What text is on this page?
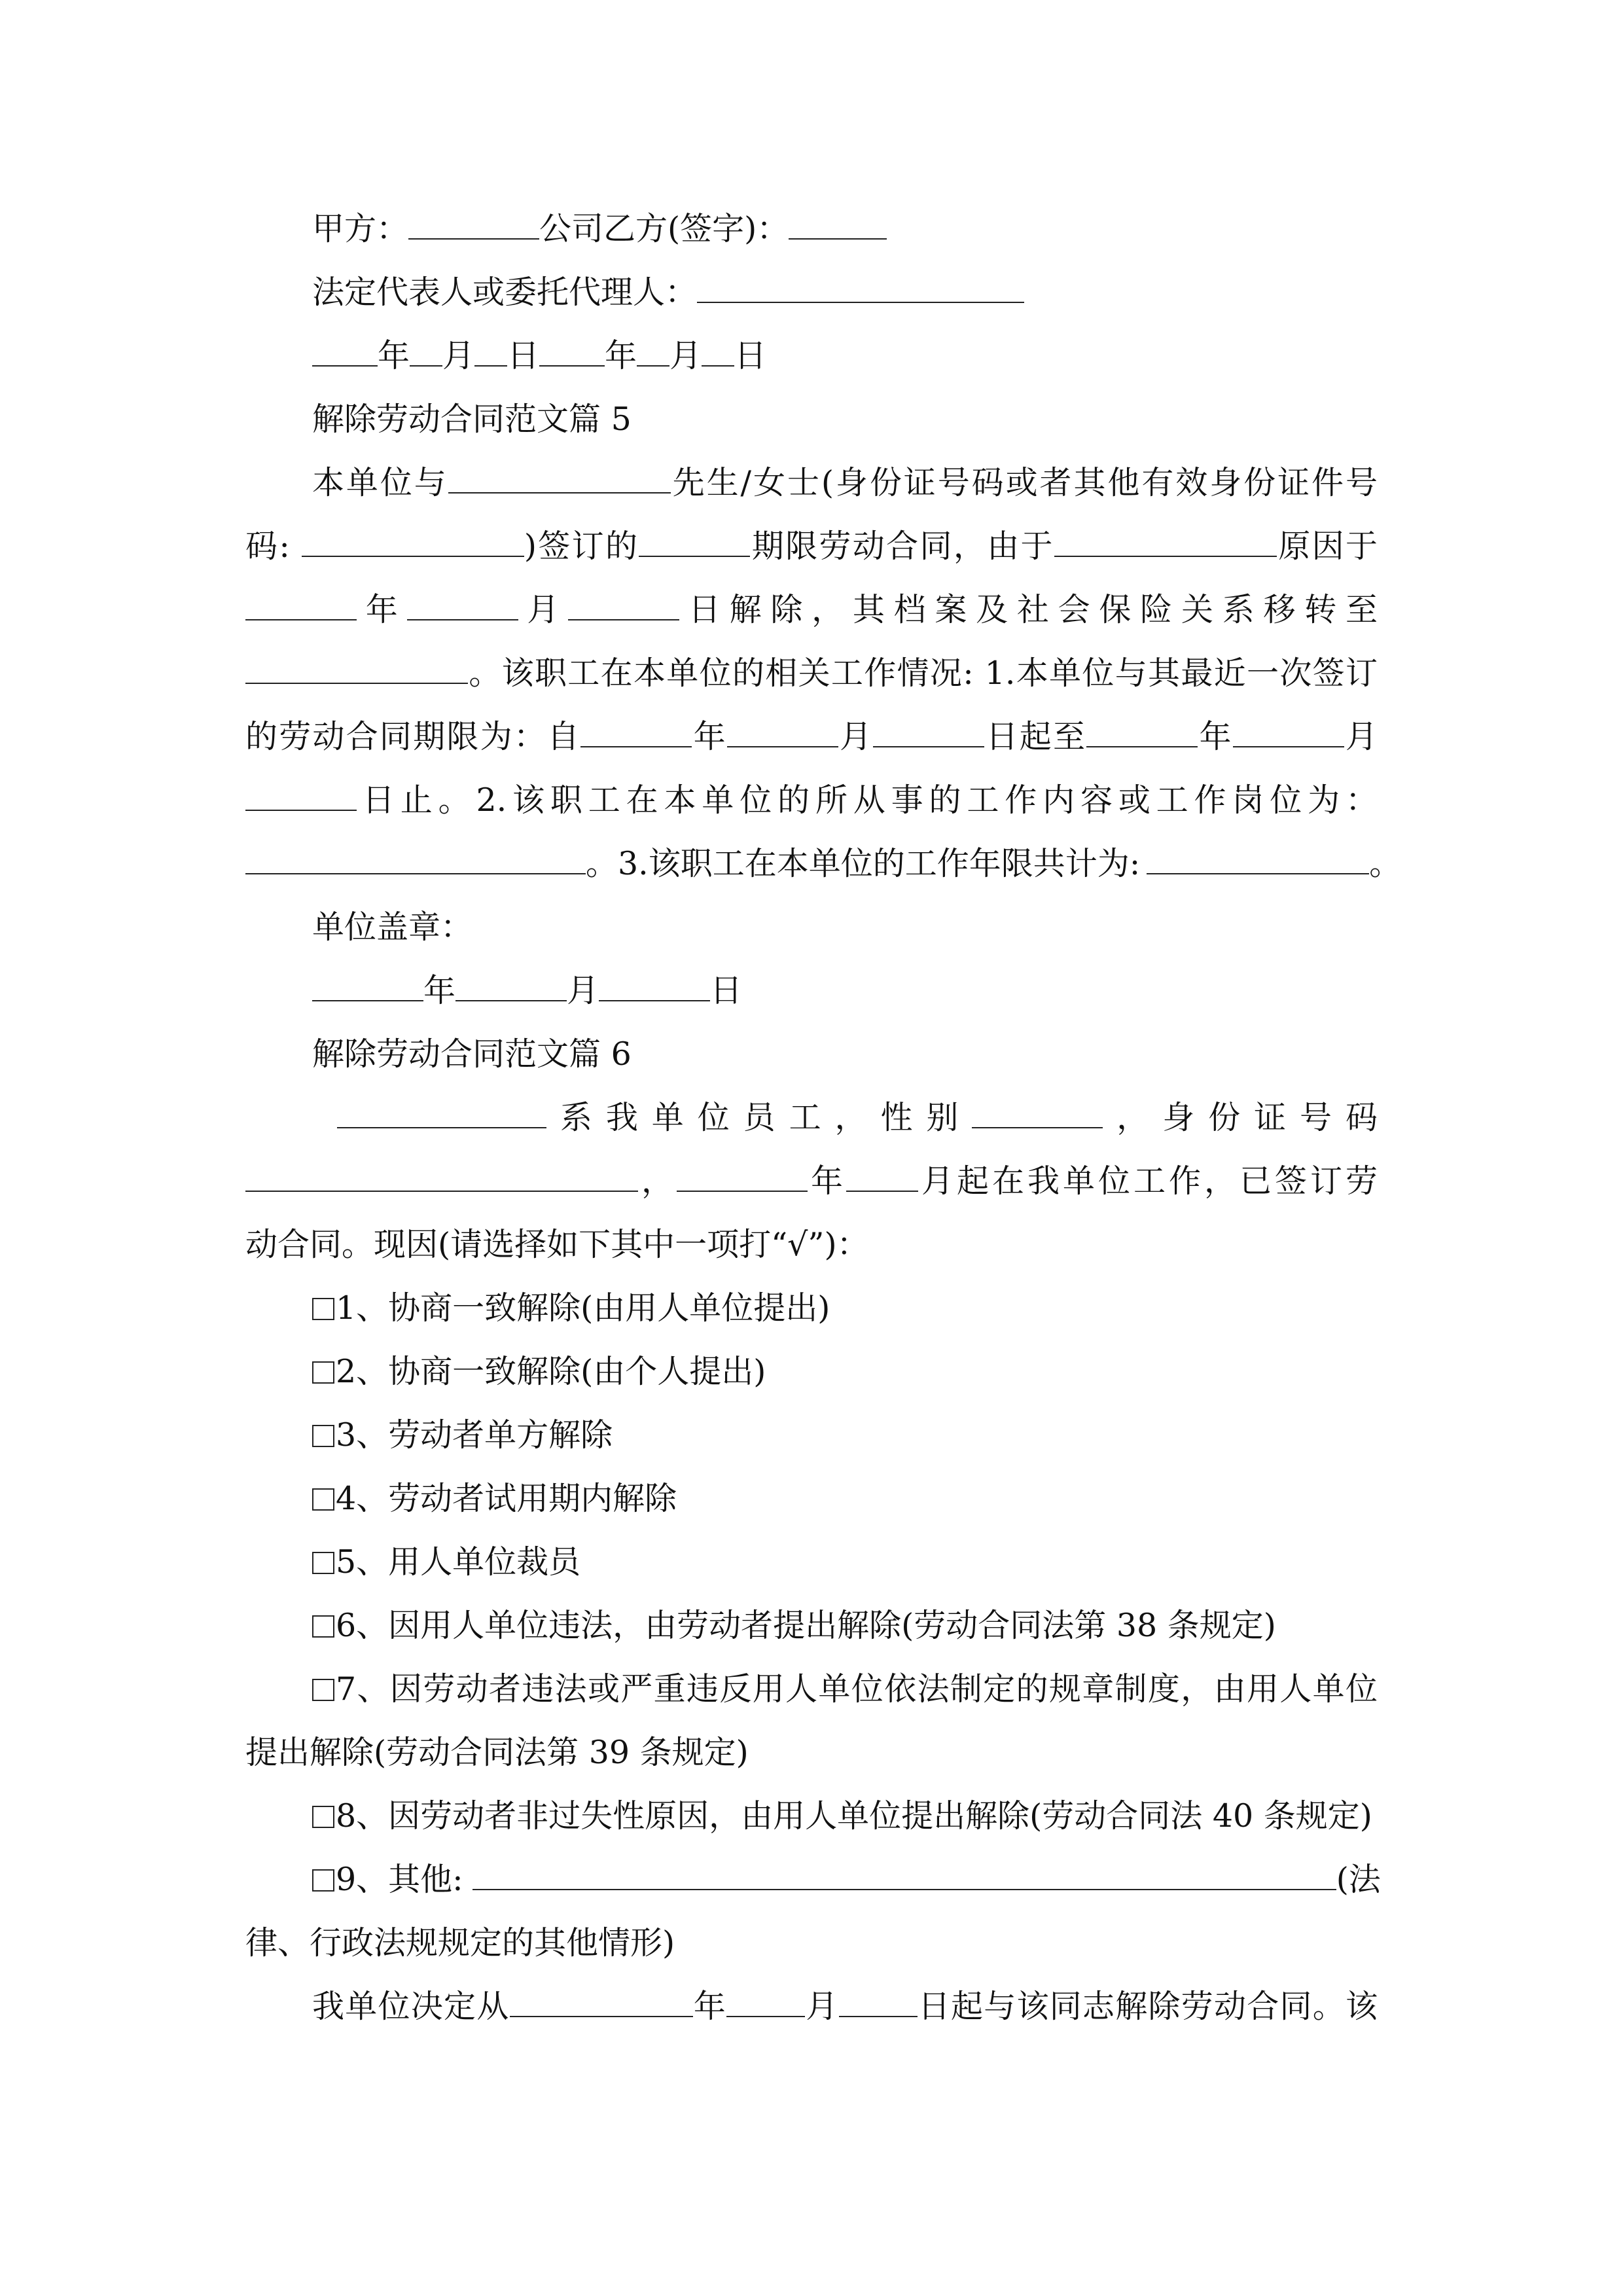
甲方：	公司乙方(签字)：
法定代表人或委托代理人：
年 月 日 年 月 日
解除劳动合同范文篇 5
本单位与	先生/女士(身份证号码或者其他有效身份证件号
码:	)签订的	期限劳动合同，由于	原因于
年	月	日解除，其档案及社会保险关系移转至
。该职工在本单位的相关工作情况: 1.本单位与其最近一次签订
的劳动合同期限为：自	年	月	日起至	年	月
日止。2.该职工在本单位的所从事的工作内容或工作岗位为：
。3.该职工在本单位的工作年限共计为:	。
单位盖章：
年	月	日
解除劳动合同范文篇 6
系我单位员工，性别	，身份证号码
，	年 月起在我单位工作，已签订劳
动合同。现因(请选择如下其中一项打“√”)：
1、协商一致解除(由用人单位提出)
2、协商一致解除(由个人提出)
3、劳动者单方解除
4、劳动者试用期内解除
5、用人单位裁员
6、因用人单位违法，由劳动者提出解除(劳动合同法第 38 条规定)
7、因劳动者违法或严重违反用人单位依法制定的规章制度，由用人单位
提出解除(劳动合同法第 39 条规定)
8、因劳动者非过失性原因，由用人单位提出解除(劳动合同法 40 条规定)
9、其他:	(法
律、行政法规规定的其他情形)
我单位决定从	年 月 日起与该同志解除劳动合同。该
